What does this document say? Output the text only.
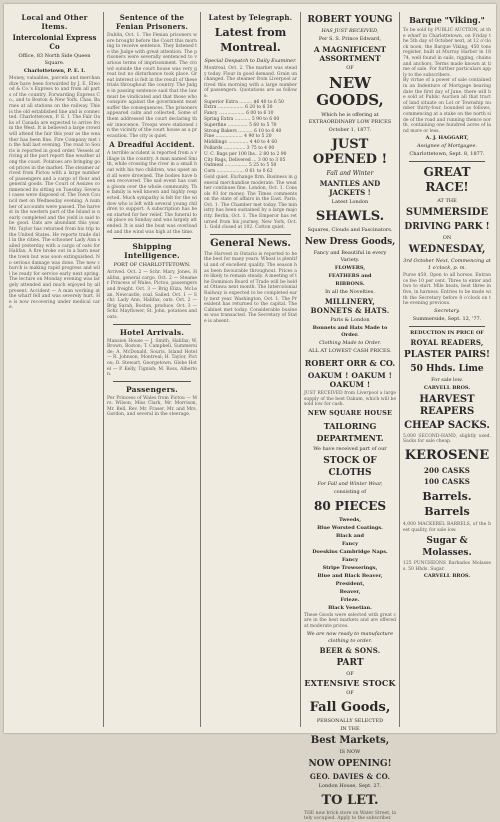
Local and Other Items.
Intercolonial Express Co
Office, 83 North Side Queen Square.
Charlottetown, P. E. I.

Money, valuables, parcels and merchandize have been forwarded by J. E. Elwood & Co.'s Express to and from all parts of the country. Forwarding Express Co., and to Boston & New York. Chas. Barnes at all stations on the railway. This is the old established line and is connected. Charlottetown, P. E. I. The Fair Oaks of Canada are expected to arrive from the West. It is believed a large crowd will attend the fair this year as the weather has been fine. Fire Company met in the hall last evening. The road to Souris is reported in good order. Vessels arriving at the port report fine weather along the coast. Potatoes are bringing good prices in the market. The steamer arrived from Pictou with a large number of passengers and a cargo of flour and general goods. The Court of Assizes commenced its sitting on Tuesday. Several cases were disposed of. The Town Council met on Wednesday evening. A number of accounts were passed. The harvest in the western part of the Island is nearly completed and the yield is said to be good. Oats are abundant this year. Mr. Taylor has returned from his trip to the United States. He reports trade dull in the cities. The schooner Lady Ann sailed yesterday with a cargo of oats for Halifax. A fire broke out in a barn near the town but was soon extinguished. No serious damage was done. The new church is making rapid progress and will be ready for service early next spring. The lecture on Monday evening was largely attended and much enjoyed by all present. Accident — A man working at the wharf fell and was severely hurt. He is now recovering under medical care.

Sentence of the Fenian Prisoners.

Dublin, Oct. 1. The Fenian prisoners were brought before the Court this morning to receive sentence. They listened to the Judge with great attention. The prisoners were severally sentenced to various terms of imprisonment. The crowd outside the court house was very great but no disturbance took place. Great interest is felt in the result of these trials throughout the country. The Judge in passing sentence said that the law must be vindicated and that those who conspire against the government must suffer the consequences. The prisoners appeared calm and collected. Some of them addressed the court declaring their innocence. Troops were stationed in the vicinity of the court house as a precaution. The city is quiet.

A Dreadful Accident.

A terrible accident is reported from a village in the country. A man named Smith, while crossing the river in a small boat with his two children, was upset and all were drowned. The bodies have been recovered. The sad event has cast a gloom over the whole community. The family is well known and highly respected. Much sympathy is felt for the widow who is left with several young children to support. A subscription has been started for her relief. The funeral took place on Sunday and was largely attended. It is said the boat was overloaded and the wind was high at the time.

Shipping Intelligence.
PORT OF CHARLOTTETOWN.

Arrived. Oct. 2 — Schr. Mary, Jones, Halifax, general cargo. Oct. 2 — Steamer Princess of Wales, Pictou, passengers and freight. Oct. 3 — Brig Eliza, McLean, Newcastle, coal. Sailed. Oct. 1 — Schr. Lady Ann, Halifax, oats. Oct. 2 — Brig Sarah, Boston, produce. Oct. 3 — Schr. Mayflower, St. John, potatoes and oats.

Hotel Arrivals.

Mansion House — J. Smith, Halifax; W. Brown, Boston; T. Campbell, Summerside; A. McDonald, Souris. Island Hotel — R. Johnson, Montreal; H. Taylor, Pictou; D. Stewart, Georgetown. Globe Hotel — P. Kelly, Tignish; M. Ross, Alberton.

Passengers.

Per Princess of Wales from Pictou — Mrs. Wilson, Miss Clark, Mr. Morrison, Mr. Bell, Rev. Mr. Fraser, Mr. and Mrs. Gordon, and several in the steerage.

Latest by Telegraph.
Latest from Montreal.
Special Despatch to Daily Examiner.

Montreal, Oct. 2. The market was steady today. Flour in good demand. Grain unchanged. The steamer from Liverpool arrived this morning with a large number of passengers. Quotations are as follows:

Superior Extra ......... $6 40 to 6 50
Extra .................. 6 20 to 6 30
Fancy .................. 6 00 to 6 10
Spring Extra ........... 5 90 to 6 00
Superfine .............. 5 60 to 5 70
Strong Bakers .......... 6 10 to 6 40
Fine ................... 4 90 to 5 20
Middlings .............. 4 40 to 4 60
Pollards ............... 3 75 to 4 00
U. C. Bags per 100 lbs.. 2 80 to 2 90
City Bags, Delivered ... 3 00 to 3 05
Oatmeal ................ 5 25 to 5 50
Corn ................... 0 61 to 0 62

Gold quiet. Exchange firm. Business in general merchandise moderate. The weather continues fine. London, Oct. 1. Consols 93 for money. The Times comments on the state of affairs in the East. Paris, Oct. 1. The Chamber met today. The ministry has been sustained by a large majority. Berlin, Oct. 1. The Emperor has returned from his journey. New York, Oct. 1. Gold closed at 102. Cotton quiet.

General News.

The Harvest in Ontario is reported to be the best for many years. Wheat is plentiful and of excellent quality. The season has been favourable throughout. Prices are likely to remain steady. A meeting of the Dominion Board of Trade will be held at Ottawa next month. The Intercolonial Railway is expected to be completed early next year. Washington, Oct. 1. The President has returned to the capital. The Cabinet met today. Considerable business was transacted. The Secretary of State is absent.

ROBERT YOUNG
HAS JUST RECEIVED,
Per S. S. Prince Edward,
A MAGNIFICENT ASSORTMENT
OF
NEW GOODS,
Which he is offering at EXTRAORDINARY LOW PRICES
October 1, 1877.
JUST OPENED !
Fall and Winter
MANTLES AND JACKETS !
Latest London
SHAWLS.
Squares, Clouds and Fascinators.
New Dress Goods,
Fancy and Beautiful in every Variety.
FLOWERS,
FEATHERS and
RIBBONS.
In all the Novelties.
MILLINERY, BONNETS & HATS.
Paris & London
Bonnets and Hats Made to Order.
Clothing Made to Order.
ALL AT LOWEST CASH PRICES.
ROBERT ORR & CO.
OAKUM ! OAKUM ! OAKUM !

JUST RECEIVED from Liverpool a large supply of the best Oakum, which will be sold low for cash.

NEW SQUARE HOUSE
TAILORING DEPARTMENT.
We have received part of our
STOCK OF CLOTHS
For Fall and Winter Wear,
consisting of
80 PIECES
Tweeds,
Blue Worsted Coatings.
Black and
Fancy
Doeskins Cambridge Naps.
Fancy
Stripe Trowserings,
Blue and Black Beaver,
President,
Beaver,
Frieze.
Black Venetian.

These Goods were selected with great care in the best markets and are offered at moderate prices.

We are now ready to manufacture clothing to order.
BEER & SONS.
PART
OF
EXTENSIVE STOCK
OF
Fall Goods,
PERSONALLY SELECTED
IN THE
Best Markets,
IS NOW
NOW OPENING!
GEO. DAVIES & CO.
London House, Sept. 27.
TO LET.

THE new brick store on Water Street, lately occupied. Apply to the subscriber.

Barque "Viking."

To be sold by PUBLIC AUCTION, at the wharf in Charlottetown, on Friday the 5th day of October next, at 12 o'clock noon, the Barque Viking, 450 tons register, built at Murray Harbor in 1874, well found in sails, rigging, chains and anchors. Terms made known at time of sale. For further particulars apply to the subscribers.

By virtue of a power of sale contained in an Indenture of Mortgage bearing date the first day of June, there will be sold at Public Auction all that tract of land situate on Lot or Township number thirty-four, bounded as follows, commencing at a stake on the north side of the road and running thence north, containing one hundred acres of land more or less.

A. J. HAGGART,
Assignee of Mortgagee.
Charlottetown, Sept. 8, 1877.
GREAT RACE!
AT THE
SUMMERSIDE
DRIVING PARK !
ON
WEDNESDAY,
3rd October Next, Commencing at 1 o'clock, p. m.

Purse $50. Open to all horses. Entrance fee 10 per cent. Three to enter and two to start. Mile heats, best three in five, in harness. Entries to be made with the Secretary before 8 o'clock on the evening previous.

Secretary.
Summerside, Sept. 12, '77.
REDUCTION IN PRICE OF
ROYAL READERS,
PLASTER PAIRS!
50 Hhds. Lime
For sale low.
CARVELL BROS.
HARVEST REAPERS
CHEAP SACKS.

5,000 SECOND-HAND, slightly used. Sacks for sale cheap.

KEROSENE
200 CASKS
100 CASKS
Barrels. Barrels

4,000 MACKEREL BARRELS, of the best quality, for sale low.

Sugar & Molasses.

125 PUNCHEONS Barbados Molasses. 50 Hhds. Sugar.

CARVELL BROS.
